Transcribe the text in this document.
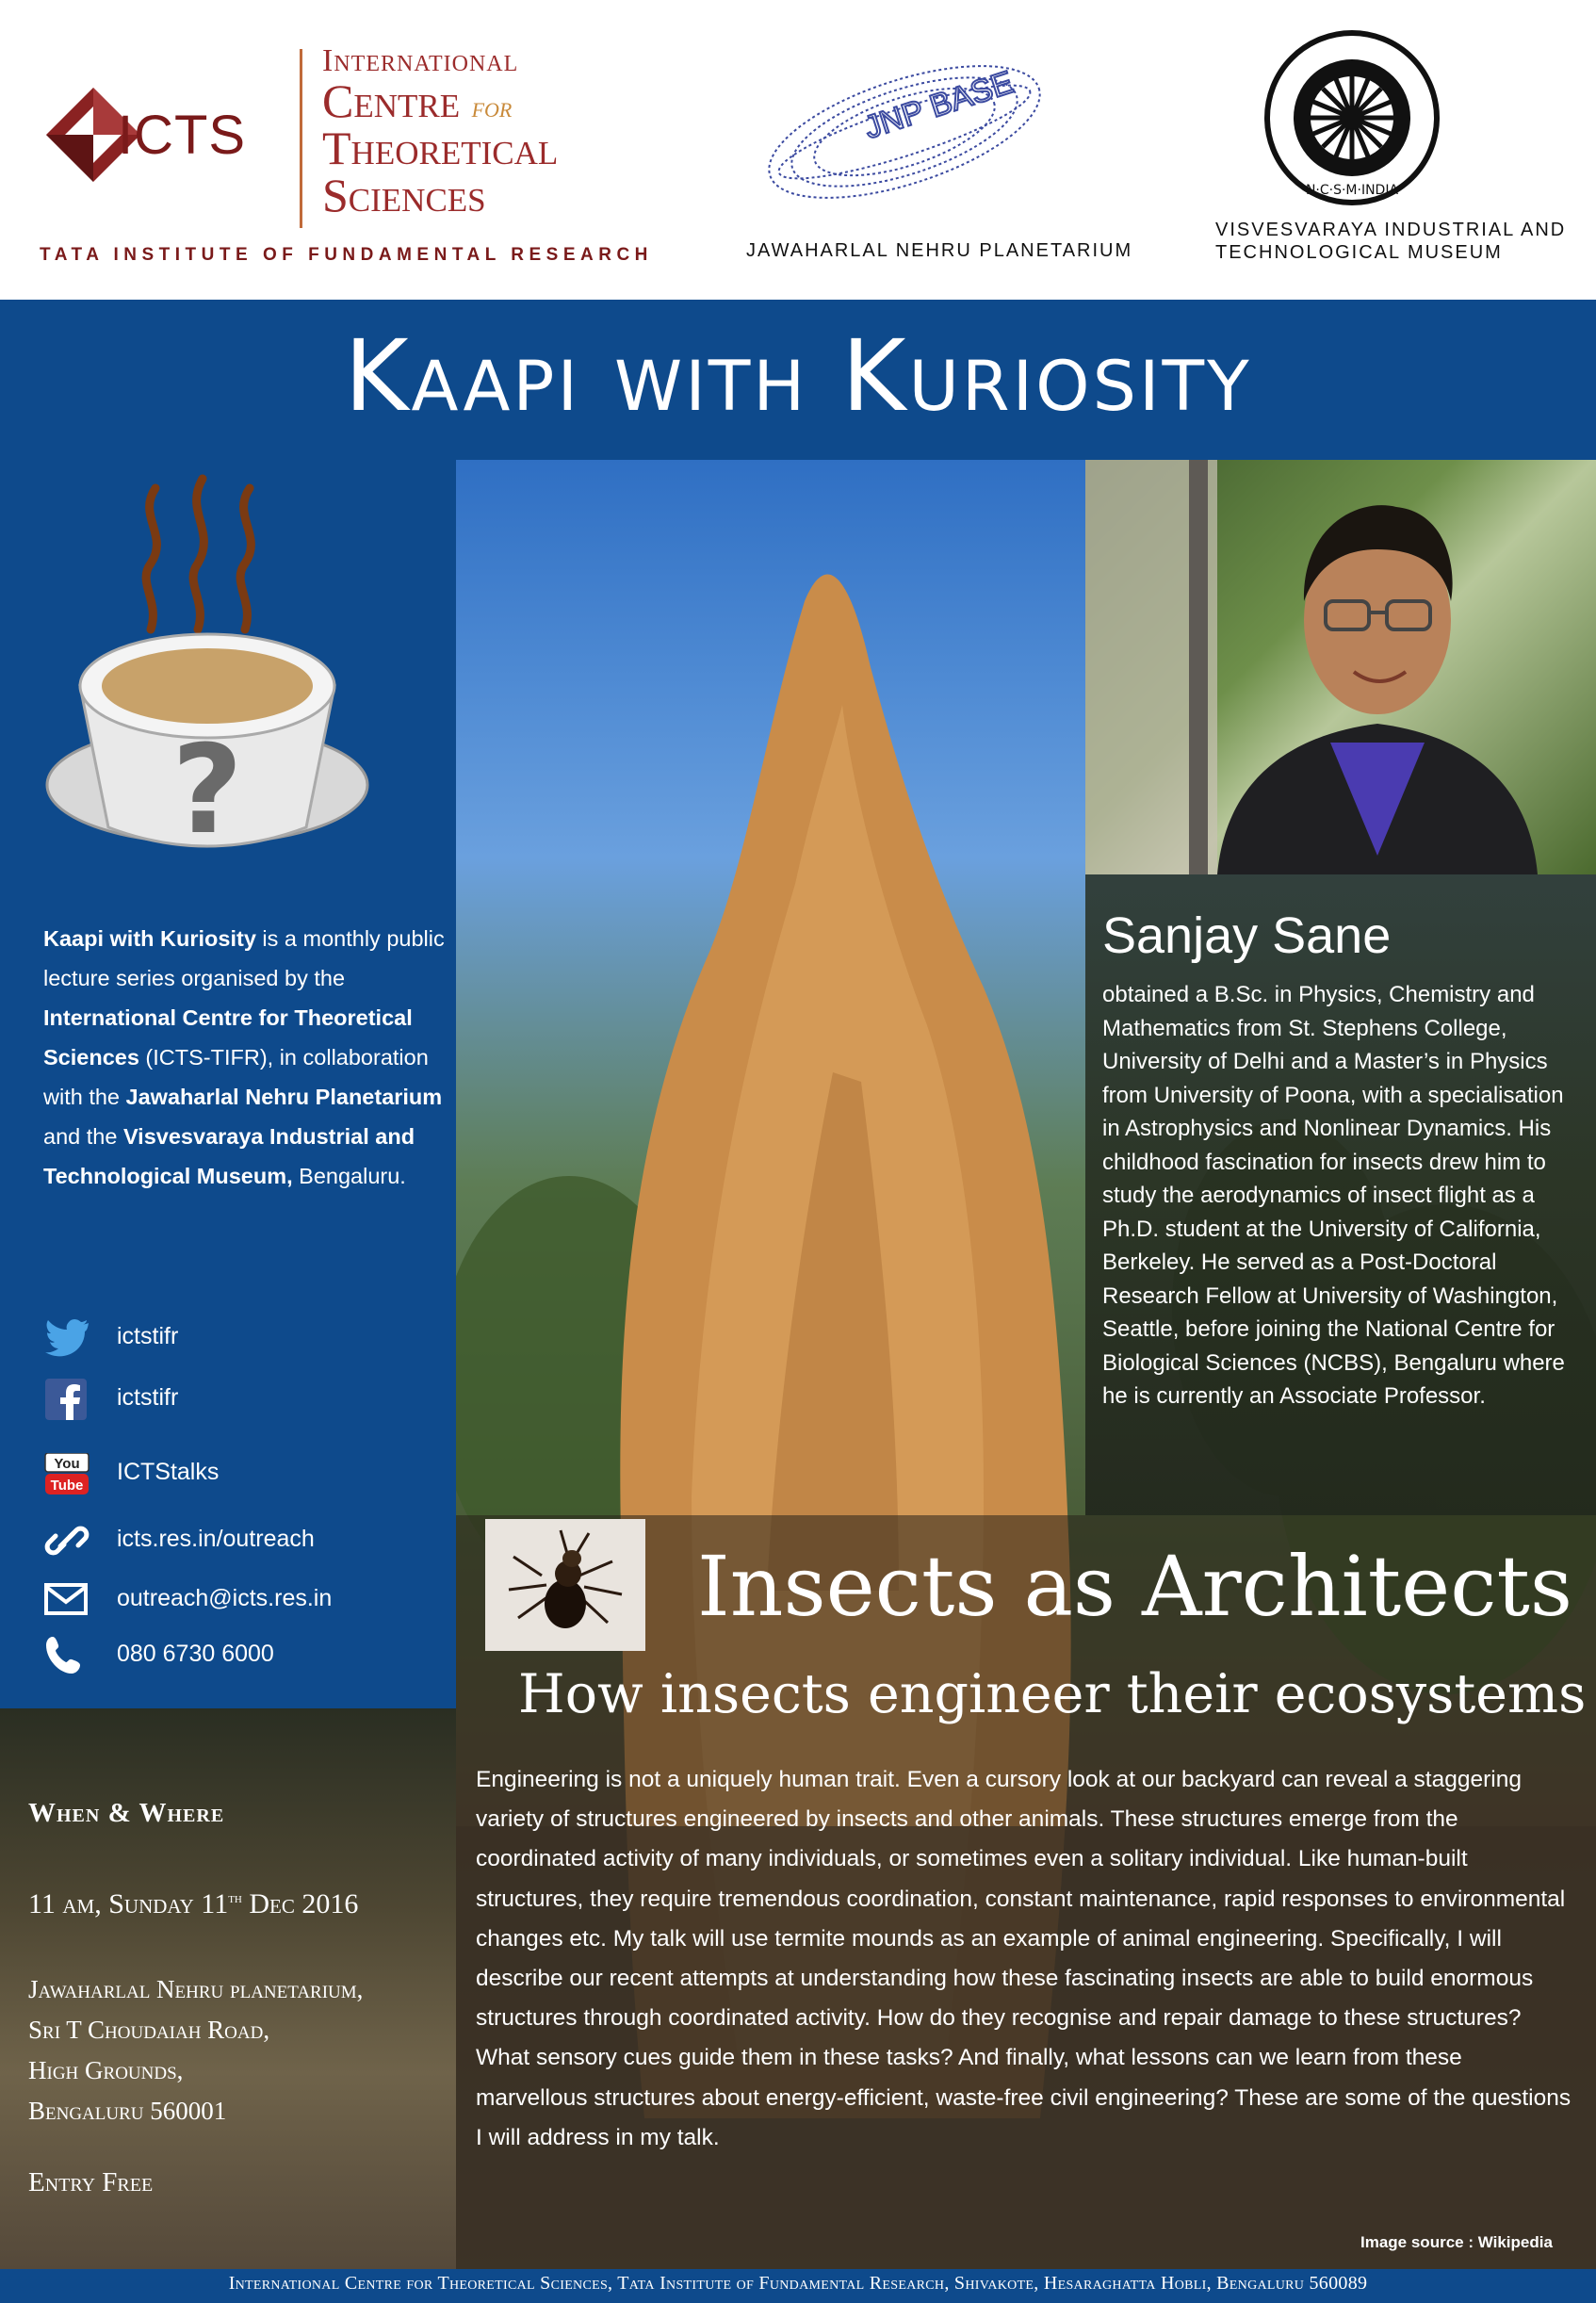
ICTS
International
Centre for
Theoretical
Sciences
TATA INSTITUTE OF FUNDAMENTAL RESEARCH
JNP BASE
JAWAHARLAL NEHRU PLANETARIUM
N·C·S·M·INDIA
VISVESVARAYA INDUSTRIAL AND
TECHNOLOGICAL MUSEUM
Kaapi with Kuriosity
?
Kaapi with Kuriosity is a monthly public lecture series organised by the International Centre for Theoretical Sciences (ICTS-TIFR), in collaboration with the Jawaharlal Nehru Planetarium and the Visvesvaraya Industrial and Technological Museum, Bengaluru.
ictstifr
ictstifr
You
Tube
ICTStalks
icts.res.in/outreach
outreach@icts.res.in
080 6730 6000
When & Where
11 am, Sunday 11th Dec 2016
Jawaharlal Nehru planetarium,
Sri T Choudaiah Road,
High Grounds,
Bengaluru 560001
Entry Free
Sanjay Sane
obtained a B.Sc. in Physics, Chemistry and Mathematics from St. Stephens College, University of Delhi and a Master’s in Physics from University of Poona, with a specialisation in Astrophysics and Nonlinear Dynamics. His childhood fascination for insects drew him to study the aerodynamics of insect flight as a Ph.D. student at the University of California, Berkeley. He served as a Post-Doctoral Research Fellow at University of Washington, Seattle, before joining the National Centre for Biological Sciences (NCBS), Bengaluru where he is currently an Associate Professor.
Insects as Architects
How insects engineer their ecosystems
Engineering is not a uniquely human trait. Even a cursory look at our backyard can reveal a staggering variety of structures engineered by insects and other animals. These structures emerge from the coordinated activity of many individuals, or sometimes even a solitary individual. Like human-built structures, they require tremendous coordination, constant maintenance, rapid responses to environmental changes etc. My talk will use termite mounds as an example of animal engineering. Specifically, I will describe our recent attempts at understanding how these fascinating insects are able to build enormous structures through coordinated activity. How do they recognise and repair damage to these structures? What sensory cues guide them in these tasks? And finally, what lessons can we learn from these marvellous structures about energy-efficient, waste-free civil engineering? These are some of the questions I will address in my talk.
Image source : Wikipedia
International Centre for Theoretical Sciences, Tata Institute of Fundamental Research, Shivakote, Hesaraghatta Hobli, Bengaluru 560089
